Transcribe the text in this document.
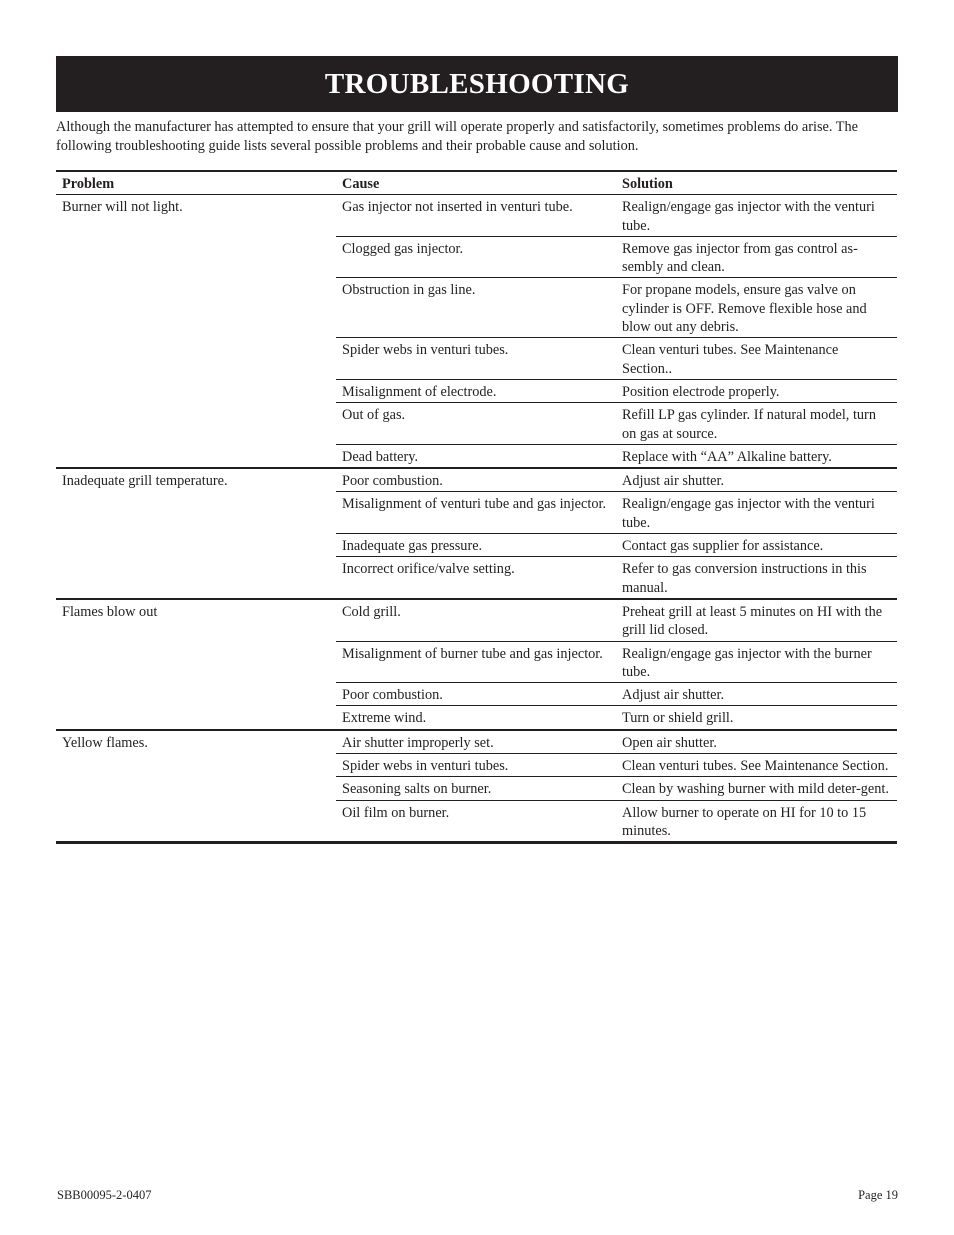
TROUBLESHOOTING

Although the manufacturer has attempted to ensure that your grill will operate properly and satisfactorily, sometimes problems do arise. The following troubleshooting guide lists several possible problems and their probable cause and solution.

Problem	Cause	Solution
Burner will not light.	Gas injector not inserted in venturi tube.	Realign/engage gas injector with the venturi tube.
	Clogged gas injector.	Remove gas injector from gas control as-sembly and clean.
	Obstruction in gas line.	For propane models, ensure gas valve on cylinder is OFF. Remove flexible hose and blow out any debris.
	Spider webs in venturi tubes.	Clean venturi tubes. See Maintenance Section..
	Misalignment of electrode.	Position electrode properly.
	Out of gas.	Refill LP gas cylinder. If natural model, turn on gas at source.
	Dead battery.	Replace with “AA” Alkaline battery.
Inadequate grill temperature.	Poor combustion.	Adjust air shutter.
	Misalignment of venturi tube and gas injector.	Realign/engage gas injector with the venturi tube.
	Inadequate gas pressure.	Contact gas supplier for assistance.
	Incorrect orifice/valve setting.	Refer to gas conversion instructions in this manual.
Flames blow out	Cold grill.	Preheat grill at least 5 minutes on HI with the grill lid closed.
	Misalignment of burner tube and gas injector.	Realign/engage gas injector with the burner tube.
	Poor combustion.	Adjust air shutter.
	Extreme wind.	Turn or shield grill.
Yellow flames.	Air shutter improperly set.	Open air shutter.
	Spider webs in venturi tubes.	Clean venturi tubes. See Maintenance Section.
	Seasoning salts on burner.	Clean by washing burner with mild deter-gent.
	Oil film on burner.	Allow burner to operate on HI for 10 to 15 minutes.
SBB00095-2-0407	Page 19
